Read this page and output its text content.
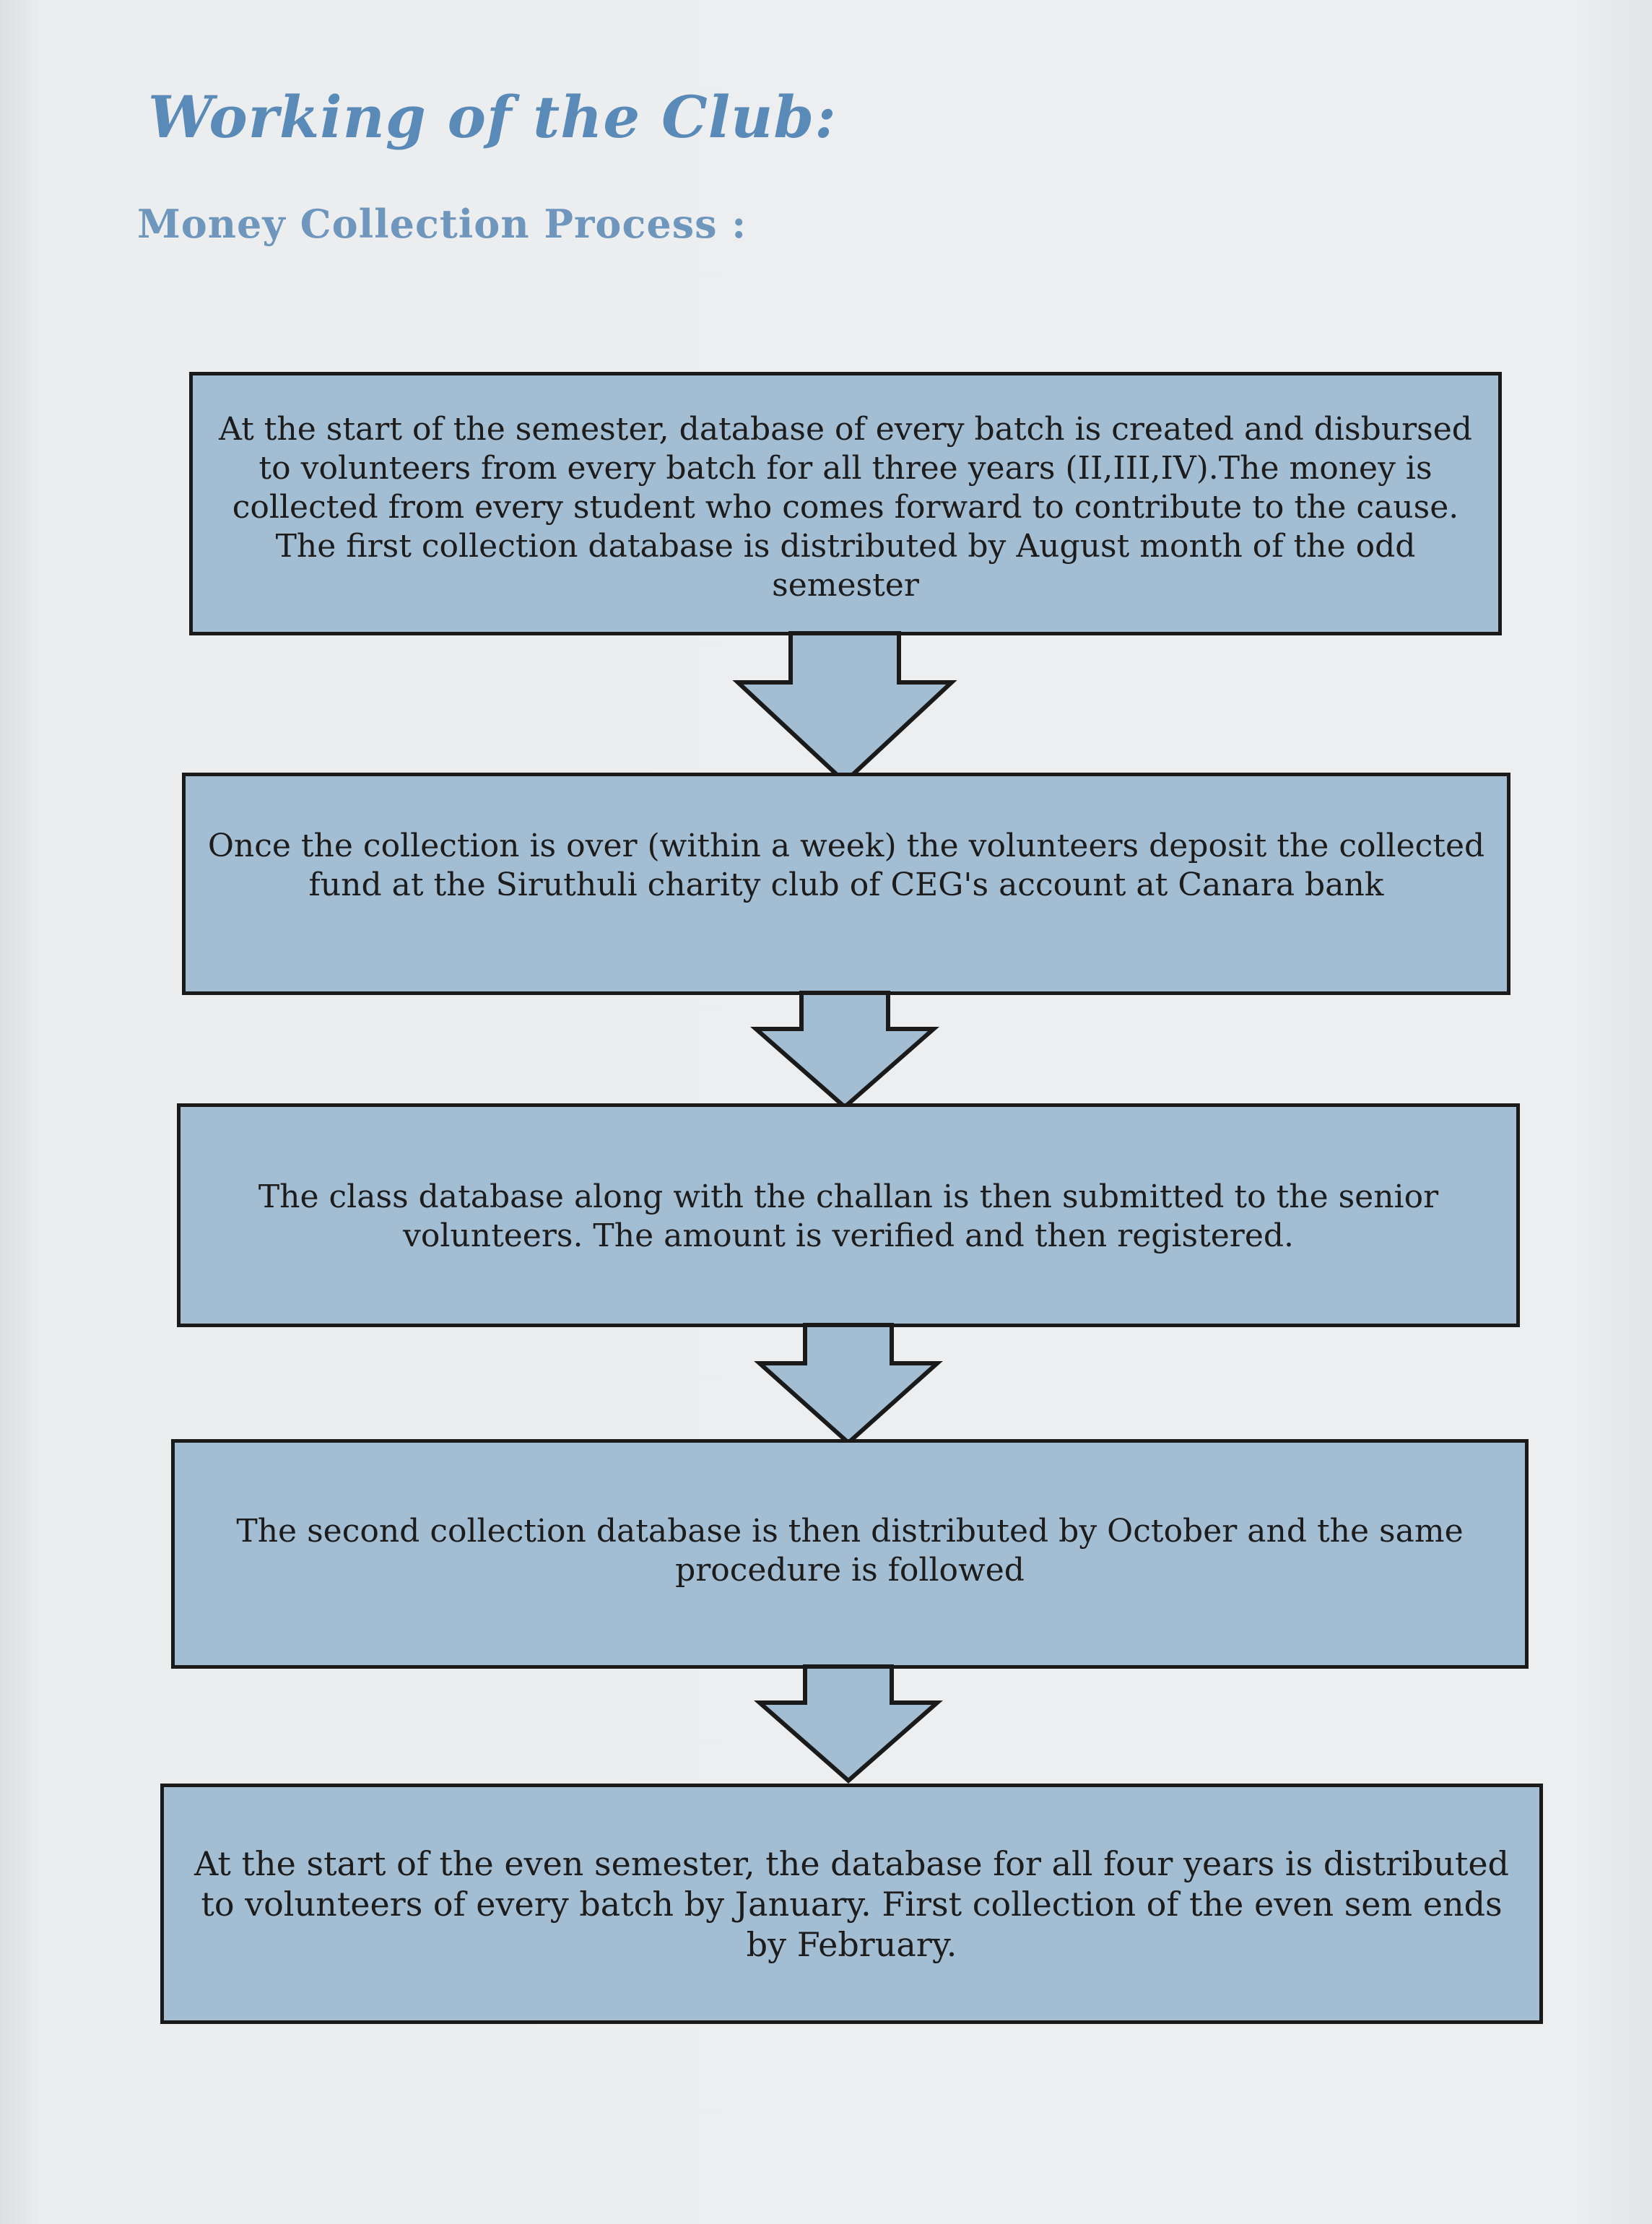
Working of the Club:
Money Collection Process :
At the start of the semester, database of every batch is created and disbursed to volunteers from every batch for all three years (II,III,IV).The money is collected from every student who comes forward to contribute to the cause. The first collection database is distributed by August month of the odd semester
Once the collection is over (within a week) the volunteers deposit the collected fund at the Siruthuli charity club of CEG's account at Canara bank
The class database along with the challan is then submitted to the senior volunteers. The amount is verified and then registered.
The second collection database is then distributed by October and the same procedure is followed
At the start of the even semester, the database for all four years is distributed to volunteers of every batch by January. First collection of the even sem ends by February.
